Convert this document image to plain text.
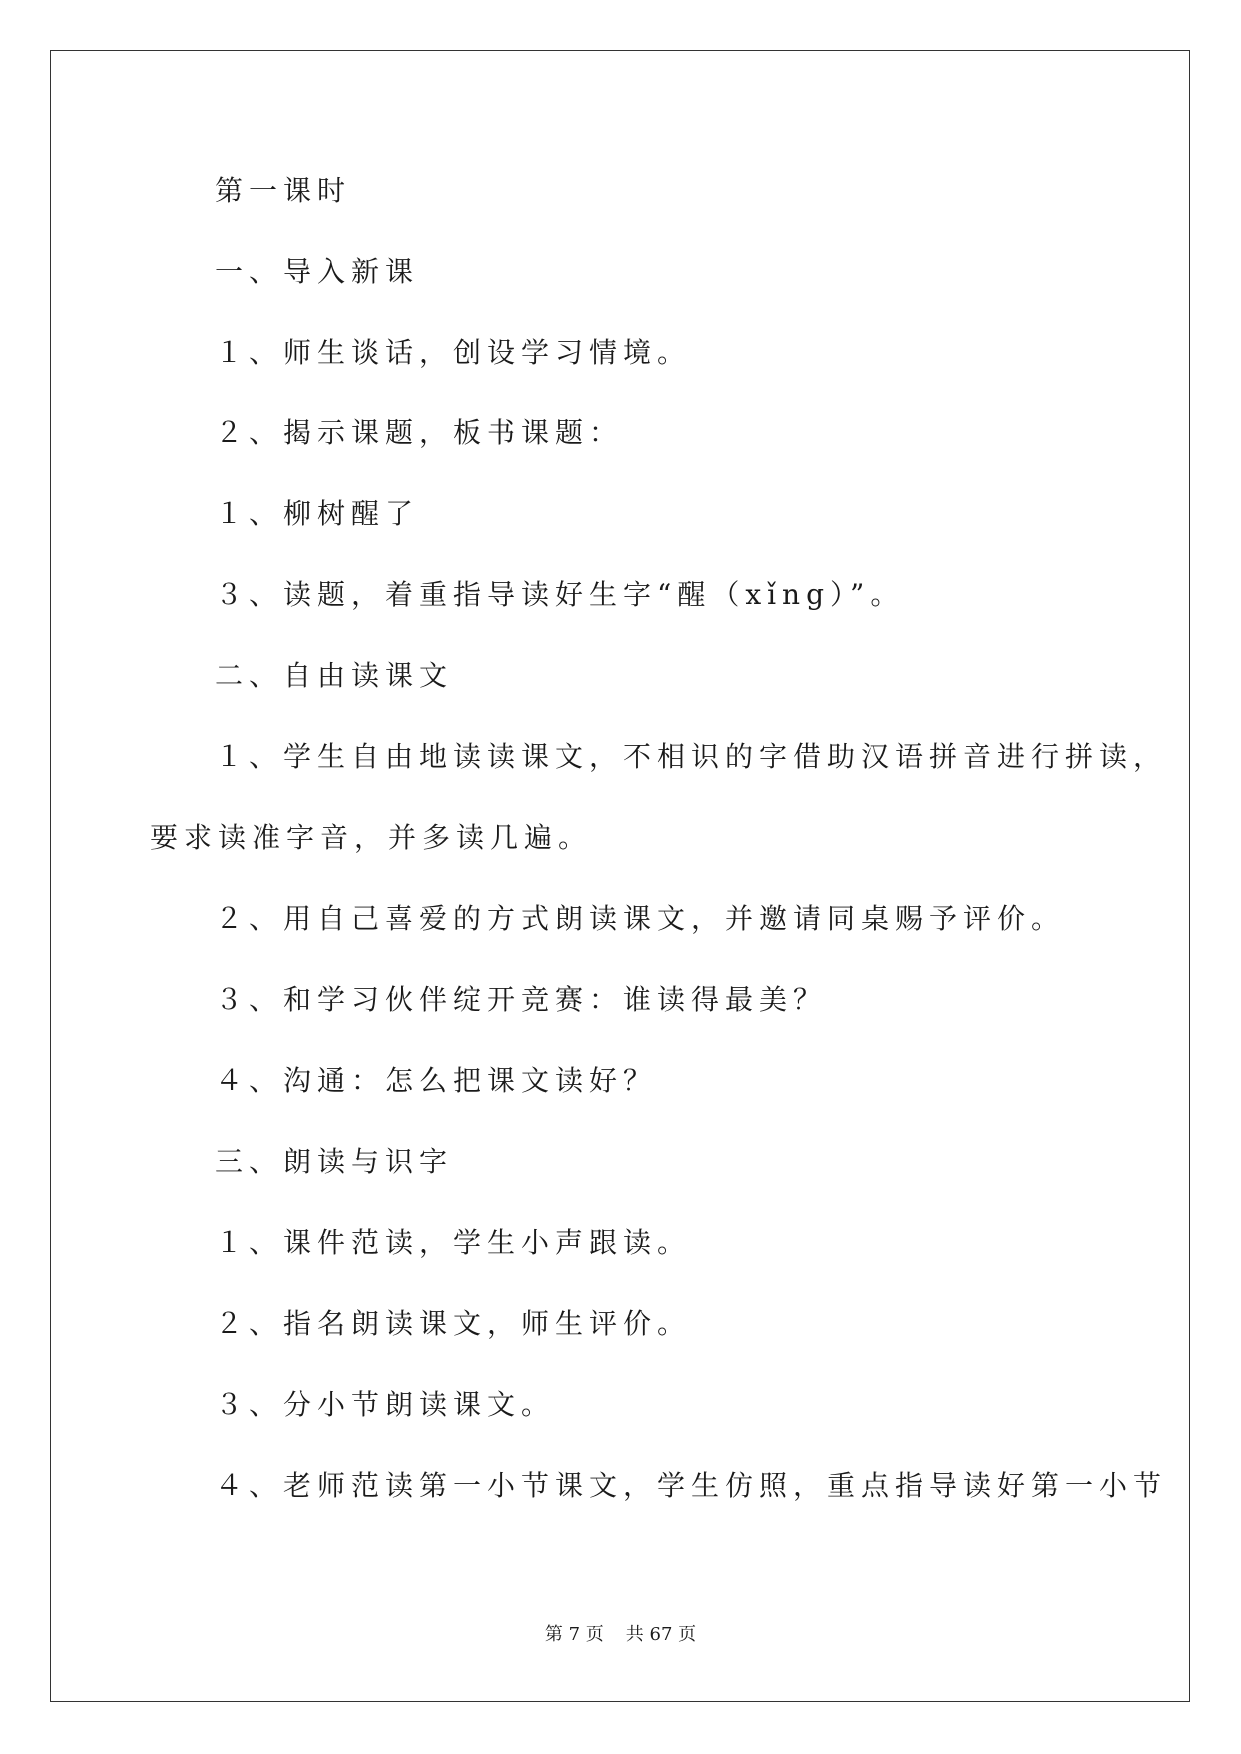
第一课时
一、导入新课
１、师生谈话，创设学习情境。
２、揭示课题，板书课题：
１、柳树醒了
３、读题，着重指导读好生字“醒（xǐng）”。
二、自由读课文
１、学生自由地读读课文，不相识的字借助汉语拼音进行拼读，
要求读准字音，并多读几遍。
２、用自己喜爱的方式朗读课文，并邀请同桌赐予评价。
３、和学习伙伴绽开竞赛：谁读得最美？
４、沟通：怎么把课文读好？
三、朗读与识字
１、课件范读，学生小声跟读。
２、指名朗读课文，师生评价。
３、分小节朗读课文。
４、老师范读第一小节课文，学生仿照，重点指导读好第一小节
第 7 页 共 67 页
